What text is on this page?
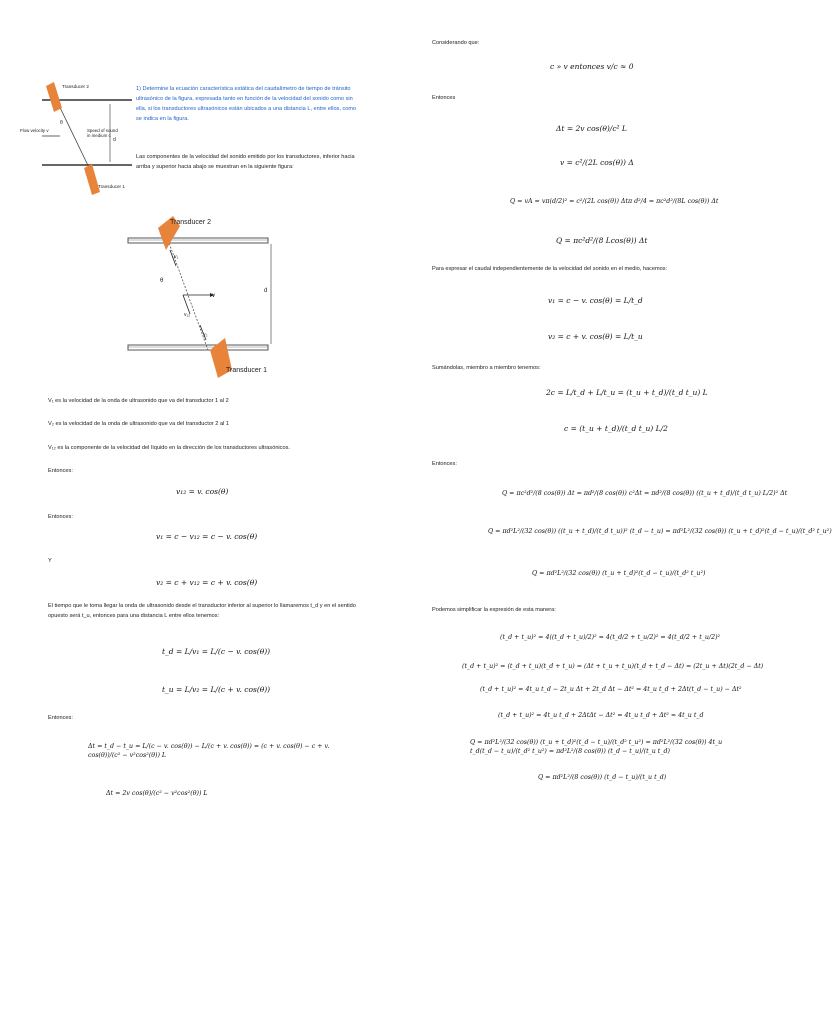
Transducer 2
Transducer 1
Flow velocity v	Speed of sound in medium c
θ
d
1) Determine la ecuación característica estática del caudalímetro de tiempo de tránsito ultrasónico de la figura, expresada tanto en función de la velocidad del sonido como sin ella, si los transductores ultrasónicos están ubicados a una distancia L, entre ellos, como se indica en la figura.
Las componentes de la velocidad del sonido emitido por los transductores, inferior hacia arriba y superior hacia abajo se muestran en la siguiente figura:
Transducer 2
Transducer 1
v₁
θ
v
v₁₂
v₂
d
V₁ es la velocidad de la onda de ultrasonido que va del transductor 1 al 2
V₂ es la velocidad de la onda de ultrasonido que va del transductor 2 al 1
V₁₂ es la componente de la velocidad del líquido en la dirección de los transductores ultrasónicos.
Entonces:
v₁₂ = v. cos(θ)
Entonces:
v₁ = c − v₁₂ = c − v. cos(θ)
Y
v₂ = c + v₁₂ = c + v. cos(θ)
El tiempo que le toma llegar la onda de ultrasonido desde el transductor inferior al superior lo llamaremos t_d y en el sentido opuesto será t_u, entonces para una distancia L entre ellos tenemos:
t_d = L/v₁ = L/(c − v. cos(θ))
t_u = L/v₂ = L/(c + v. cos(θ))
Entonces:
Δt = t_d − t_u = L/(c − v. cos(θ)) − L/(c + v. cos(θ)) = (c + v. cos(θ) − c + v. cos(θ))/(c² − v²cos²(θ)) L
Δt = 2v cos(θ)/(c² − v²cos²(θ)) L
Considerando que:
c » v entonces v/c ≈ 0
Entonces
Δt = 2v cos(θ)/c² L
v = c²/(2L cos(θ)) Δ
Q = vA = vπ(d/2)² = c²/(2L cos(θ)) Δtπ d²/4 = πc²d²/(8L cos(θ)) Δt
Q = πc²d²/(8 Lcos(θ)) Δt
Para expresar el caudal independientemente de la velocidad del sonido en el medio, hacemos:
v₁ = c − v. cos(θ) = L/t_d
v₂ = c + v. cos(θ) = L/t_u
Sumándolas, miembro a miembro tenemos:
2c = L/t_d + L/t_u = (t_u + t_d)/(t_d t_u) L
c = (t_u + t_d)/(t_d t_u) L/2
Entonces:
Q = πc²d²/(8 cos(θ)) Δt = πd²/(8 cos(θ)) c²Δt = πd²/(8 cos(θ)) ((t_u + t_d)/(t_d t_u) L/2)² Δt
Q = πd²L²/(32 cos(θ)) ((t_u + t_d)/(t_d t_u))² (t_d − t_u) = πd²L²/(32 cos(θ)) (t_u + t_d)²(t_d − t_u)/(t_d² t_u²)
Q = πd²L²/(32 cos(θ)) (t_u + t_d)²(t_d − t_u)/(t_d² t_u²)
Podemos simplificar la expresión de esta manera:
(t_d + t_u)² = 4((t_d + t_u)/2)² = 4(t_d/2 + t_u/2)² = 4(t_d/2 + t_u/2)²
(t_d + t_u)² = (t_d + t_u)(t_d + t_u) = (Δt + t_u + t_u)(t_d + t_d − Δt) = (2t_u + Δt)(2t_d − Δt)
(t_d + t_u)² = 4t_u t_d − 2t_u Δt + 2t_d Δt − Δt² = 4t_u t_d + 2Δt(t_d − t_u) − Δt²
(t_d + t_u)² = 4t_u t_d + 2ΔtΔt − Δt² = 4t_u t_d + Δt² ≈ 4t_u t_d
Q = πd²L²/(32 cos(θ)) (t_u + t_d)²(t_d − t_u)/(t_d² t_u²) = πd²L²/(32 cos(θ)) 4t_u t_d(t_d − t_u)/(t_d² t_u²) = πd²L²/(8 cos(θ)) (t_d − t_u)/(t_u t_d)
Q = πd²L²/(8 cos(θ)) (t_d − t_u)/(t_u t_d)
